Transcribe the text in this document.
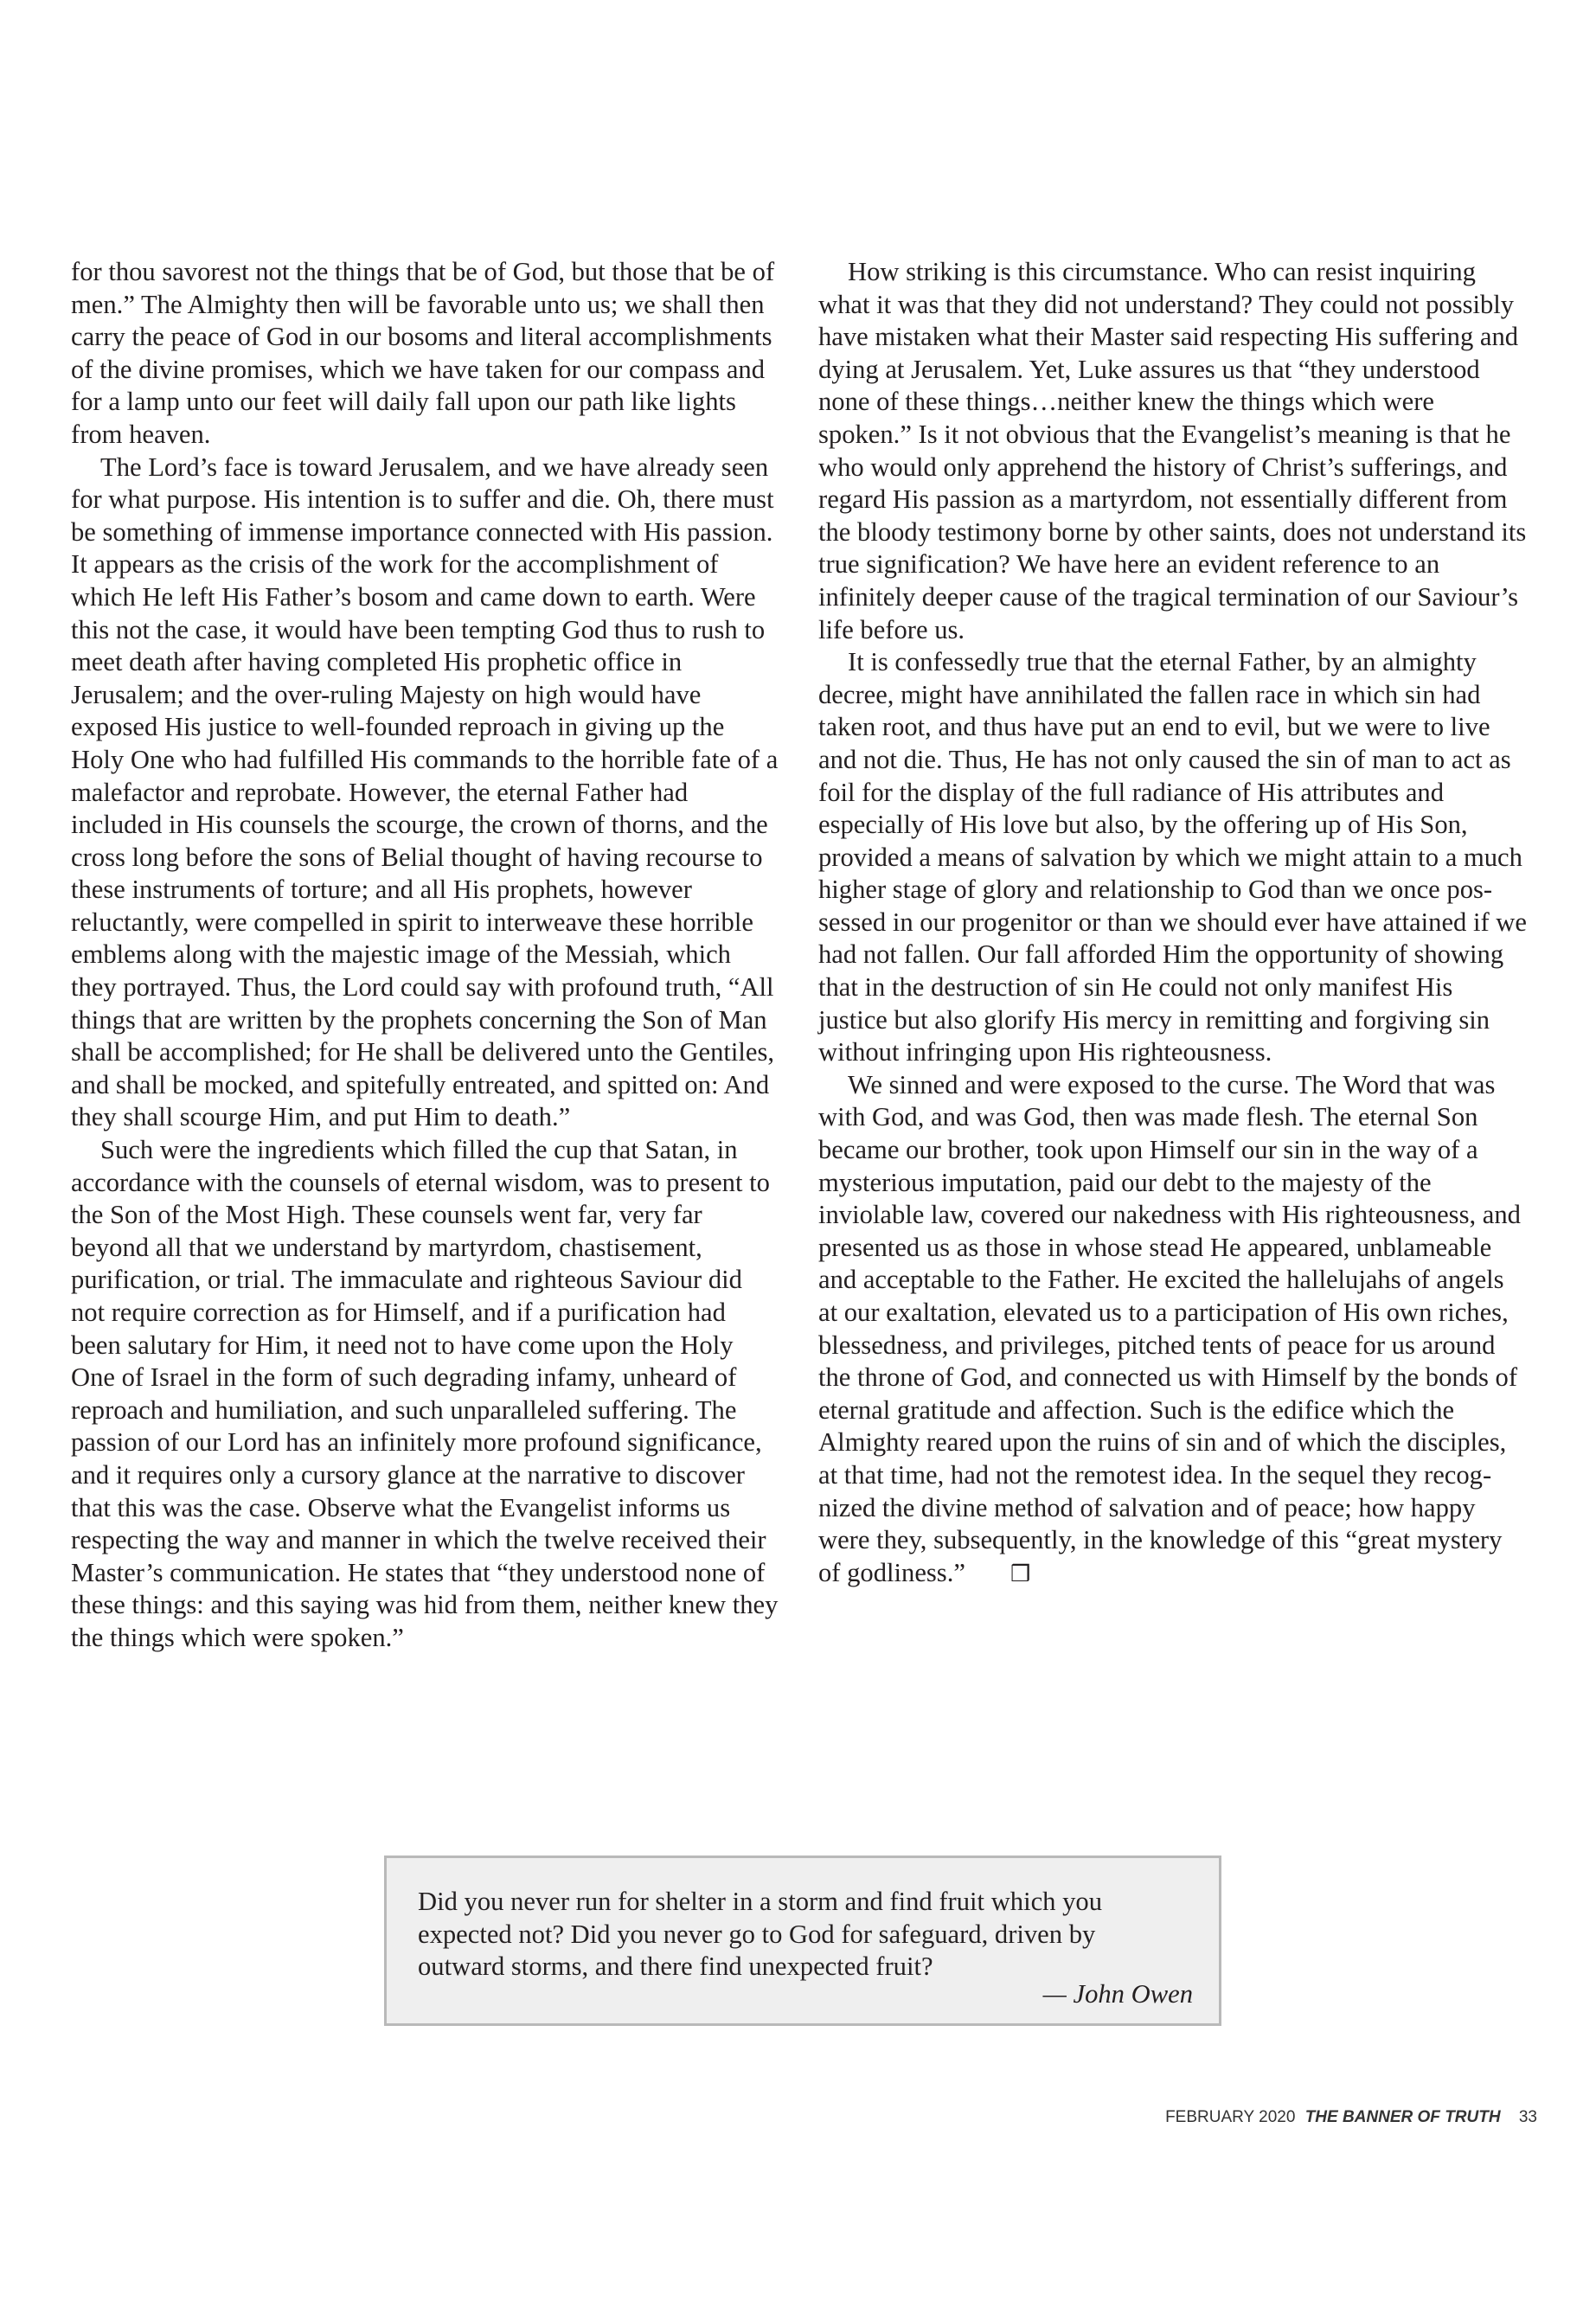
for thou savorest not the things that be of God, but those that be of men.” The Almighty then will be favorable unto us; we shall then carry the peace of God in our bosoms and literal accomplishments of the divine promises, which we have taken for our compass and for a lamp unto our feet will daily fall upon our path like lights from heaven.

The Lord’s face is toward Jerusalem, and we have already seen for what purpose. His intention is to suffer and die. Oh, there must be something of immense importance connected with His passion. It appears as the crisis of the work for the accomplishment of which He left His Father’s bosom and came down to earth. Were this not the case, it would have been tempting God thus to rush to meet death after having completed His prophetic office in Jerusalem; and the over-ruling Majesty on high would have exposed His justice to well-founded reproach in giving up the Holy One who had fulfilled His commands to the horrible fate of a malefactor and reprobate. However, the eternal Father had included in His counsels the scourge, the crown of thorns, and the cross long before the sons of Belial thought of having recourse to these instruments of torture; and all His prophets, however reluctantly, were compelled in spirit to interweave these horrible emblems along with the majestic image of the Messiah, which they portrayed. Thus, the Lord could say with profound truth, “All things that are written by the prophets concerning the Son of Man shall be accomplished; for He shall be delivered unto the Gentiles, and shall be mocked, and spitefully entreated, and spitted on: And they shall scourge Him, and put Him to death.”

Such were the ingredients which filled the cup that Satan, in accordance with the counsels of eternal wisdom, was to present to the Son of the Most High. These counsels went far, very far beyond all that we understand by martyrdom, chastisement, purification, or trial. The immaculate and righteous Saviour did not require correction as for Himself, and if a purification had been salutary for Him, it need not to have come upon the Holy One of Israel in the form of such degrading infamy, unheard of reproach and humiliation, and such unparalleled suffering. The passion of our Lord has an infinitely more profound significance, and it requires only a cursory glance at the narrative to discover that this was the case. Observe what the Evangelist informs us respecting the way and manner in which the twelve received their Master’s communication. He states that “they understood none of these things: and this saying was hid from them, neither knew they the things which were spoken.”

How striking is this circumstance. Who can resist inquiring what it was that they did not understand? They could not possibly have mistaken what their Master said respecting His suffering and dying at Jerusalem. Yet, Luke assures us that “they understood none of these things…neither knew the things which were spoken.” Is it not obvious that the Evangelist’s meaning is that he who would only apprehend the history of Christ’s sufferings, and regard His passion as a martyrdom, not essentially different from the bloody testimony borne by other saints, does not understand its true signification? We have here an evident reference to an infinitely deeper cause of the tragical termination of our Saviour’s life before us.

It is confessedly true that the eternal Father, by an almighty decree, might have annihilated the fallen race in which sin had taken root, and thus have put an end to evil, but we were to live and not die. Thus, He has not only caused the sin of man to act as foil for the display of the full radiance of His attributes and especially of His love but also, by the offering up of His Son, provided a means of salvation by which we might attain to a much higher stage of glory and relationship to God than we once possessed in our progenitor or than we should ever have attained if we had not fallen. Our fall afforded Him the opportunity of showing that in the destruction of sin He could not only manifest His justice but also glorify His mercy in remitting and forgiving sin without infringing upon His righteousness.

We sinned and were exposed to the curse. The Word that was with God, and was God, then was made flesh. The eternal Son became our brother, took upon Himself our sin in the way of a mysterious imputation, paid our debt to the majesty of the inviolable law, covered our nakedness with His righteousness, and presented us as those in whose stead He appeared, unblameable and acceptable to the Father. He excited the hallelujahs of angels at our exaltation, elevated us to a participation of His own riches, blessedness, and privileges, pitched tents of peace for us around the throne of God, and connected us with Himself by the bonds of eternal gratitude and affection. Such is the edifice which the Almighty reared upon the ruins of sin and of which the disciples, at that time, had not the remotest idea. In the sequel they recognized the divine method of salvation and of peace; how happy were they, subsequently, in the knowledge of this “great mystery of godliness.” ❒

Did you never run for shelter in a storm and find fruit which you expected not? Did you never go to God for safeguard, driven by outward storms, and there find unexpected fruit?

— John Owen
FEBRUARY 2020 THE BANNER OF TRUTH 33
